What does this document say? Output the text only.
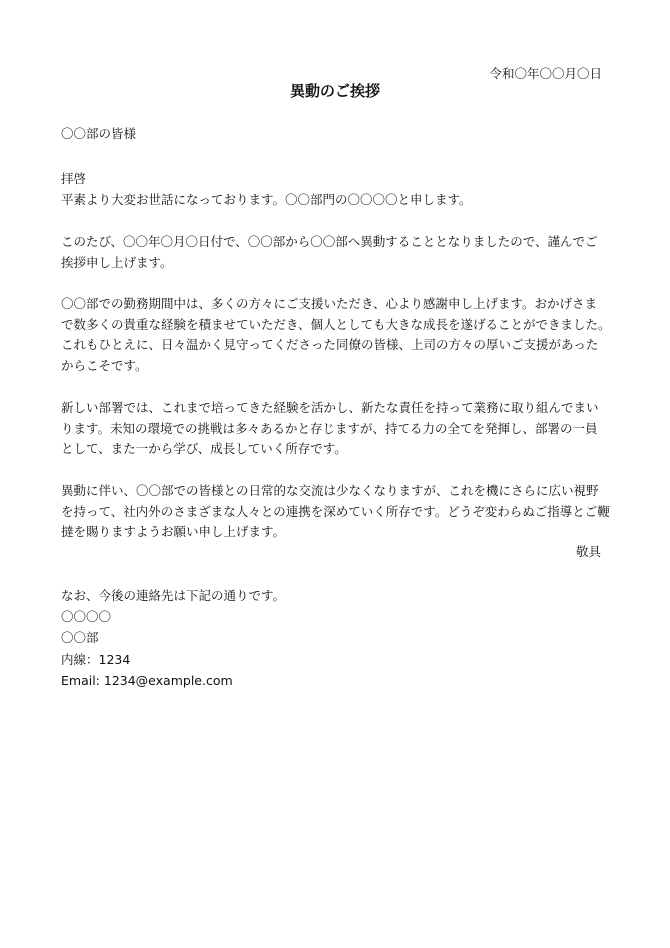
令和〇年〇〇月〇日
異動のご挨拶

〇〇部の皆様

拝啓

平素より大変お世話になっております。〇〇部門の〇〇〇〇と申します。

このたび、〇〇年〇月〇日付で、〇〇部から〇〇部へ異動することとなりましたので、謹んでご

挨拶申し上げます。

〇〇部での勤務期間中は、多くの方々にご支援いただき、心より感謝申し上げます。おかげさま

で数多くの貴重な経験を積ませていただき、個人としても大きな成長を遂げることができました。

これもひとえに、日々温かく見守ってくださった同僚の皆様、上司の方々の厚いご支援があった

からこそです。

新しい部署では、これまで培ってきた経験を活かし、新たな責任を持って業務に取り組んでまい

ります。未知の環境での挑戦は多々あるかと存じますが、持てる力の全てを発揮し、部署の一員

として、また一から学び、成長していく所存です。

異動に伴い、〇〇部での皆様との日常的な交流は少なくなりますが、これを機にさらに広い視野

を持って、社内外のさまざまな人々との連携を深めていく所存です。どうぞ変わらぬご指導とご鞭

撻を賜りますようお願い申し上げます。

敬具

なお、今後の連絡先は下記の通りです。

〇〇〇〇

〇〇部

内線：1234

Email: 1234@example.com
